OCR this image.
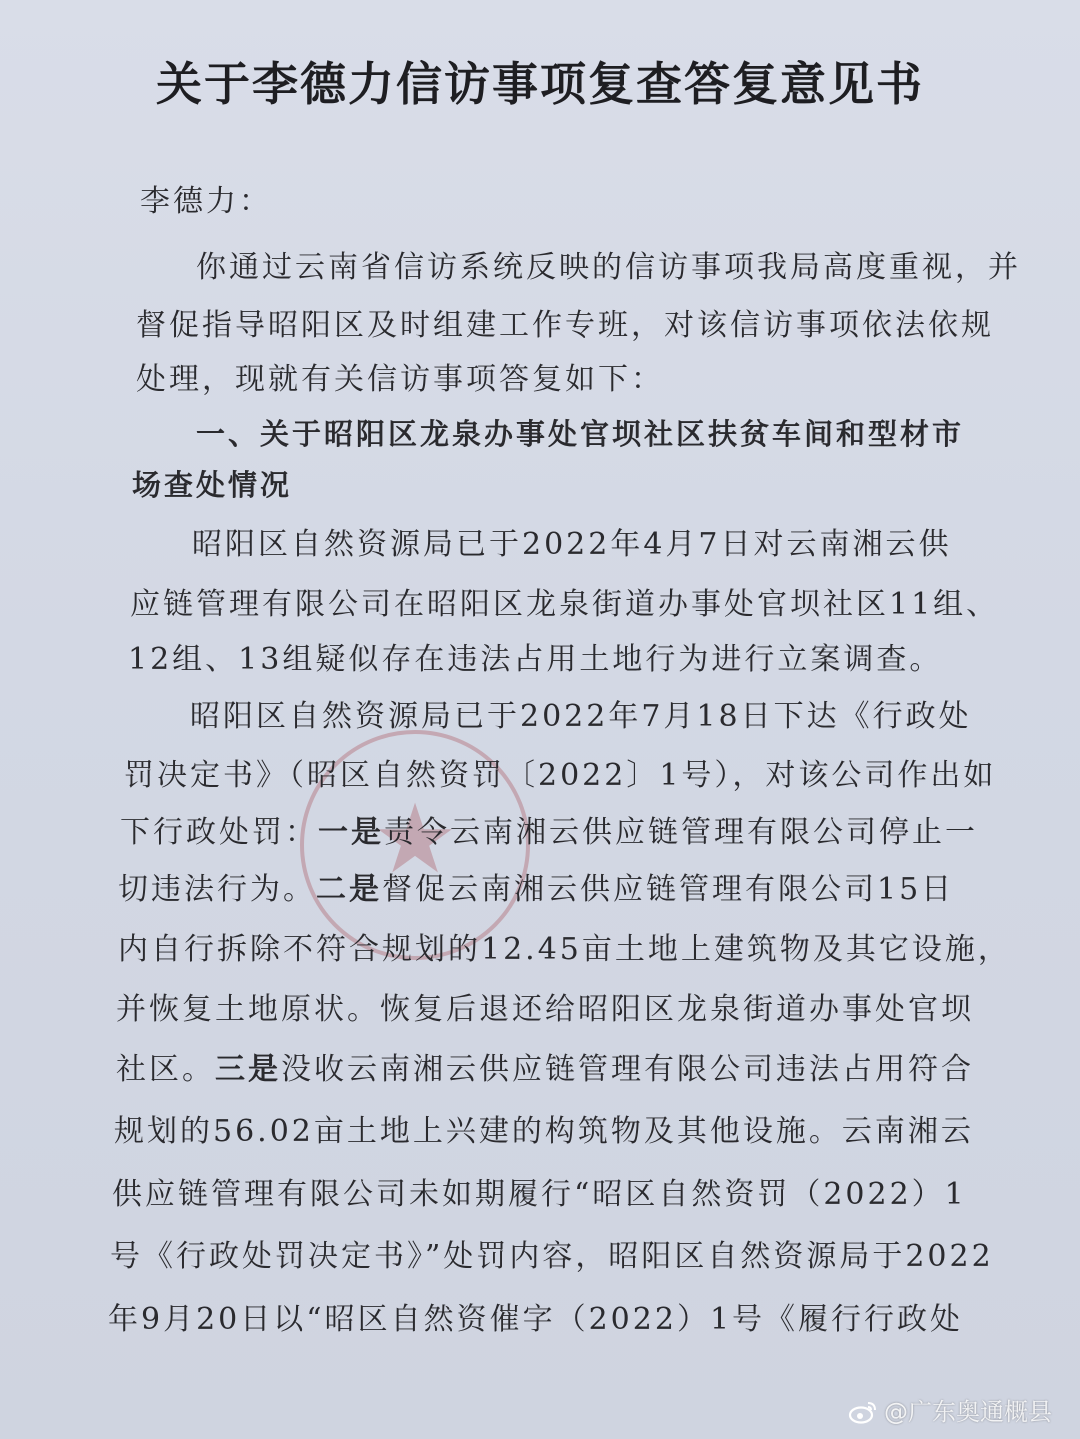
关于李德力信访事项复查答复意见书
李德力：
你通过云南省信访系统反映的信访事项我局高度重视，并
督促指导昭阳区及时组建工作专班，对该信访事项依法依规
处理，现就有关信访事项答复如下：
一、关于昭阳区龙泉办事处官坝社区扶贫车间和型材市
场查处情况
昭阳区自然资源局已于2022年4月7日对云南湘云供
应链管理有限公司在昭阳区龙泉街道办事处官坝社区11组、
12组、13组疑似存在违法占用土地行为进行立案调查。
★
昭阳区自然资源局已于2022年7月18日下达《行政处
罚决定书》（昭区自然资罚〔2022〕1号），对该公司作出如
下行政处罚：一是责令云南湘云供应链管理有限公司停止一
切违法行为。二是督促云南湘云供应链管理有限公司15日
内自行拆除不符合规划的12.45亩土地上建筑物及其它设施，
并恢复土地原状。恢复后退还给昭阳区龙泉街道办事处官坝
社区。三是没收云南湘云供应链管理有限公司违法占用符合
规划的56.02亩土地上兴建的构筑物及其他设施。云南湘云
供应链管理有限公司未如期履行“昭区自然资罚（2022）1
号《行政处罚决定书》”处罚内容，昭阳区自然资源局于2022
年9月20日以“昭区自然资催字（2022）1号《履行行政处
@广东奥通概县
